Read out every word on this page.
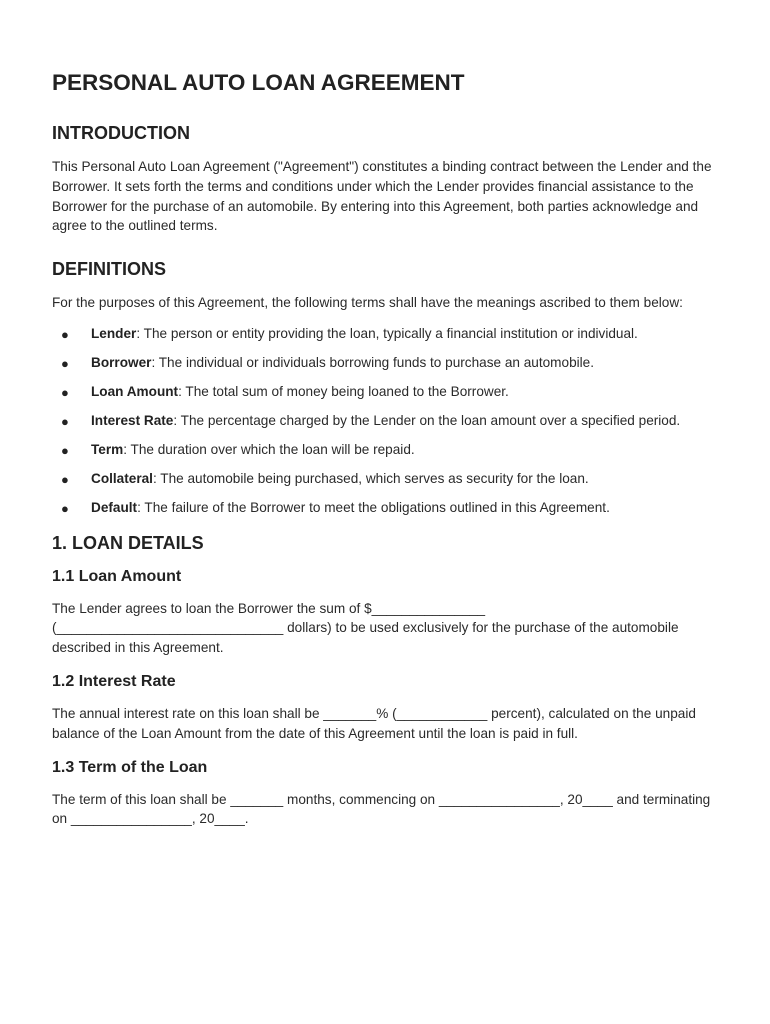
PERSONAL AUTO LOAN AGREEMENT
INTRODUCTION

This Personal Auto Loan Agreement ("Agreement") constitutes a binding contract between the Lender and the Borrower. It sets forth the terms and conditions under which the Lender provides financial assistance to the Borrower for the purchase of an automobile. By entering into this Agreement, both parties acknowledge and agree to the outlined terms.

DEFINITIONS

For the purposes of this Agreement, the following terms shall have the meanings ascribed to them below:

● Lender: The person or entity providing the loan, typically a financial institution or individual.
● Borrower: The individual or individuals borrowing funds to purchase an automobile.
● Loan Amount: The total sum of money being loaned to the Borrower.
● Interest Rate: The percentage charged by the Lender on the loan amount over a specified period.
● Term: The duration over which the loan will be repaid.
● Collateral: The automobile being purchased, which serves as security for the loan.
● Default: The failure of the Borrower to meet the obligations outlined in this Agreement.
1. LOAN DETAILS
1.1 Loan Amount

The Lender agrees to loan the Borrower the sum of $_______________ (______________________________ dollars) to be used exclusively for the purchase of the automobile described in this Agreement.

1.2 Interest Rate

The annual interest rate on this loan shall be _______% (____________ percent), calculated on the unpaid balance of the Loan Amount from the date of this Agreement until the loan is paid in full.

1.3 Term of the Loan

The term of this loan shall be _______ months, commencing on ________________, 20____ and terminating on ________________, 20____.
